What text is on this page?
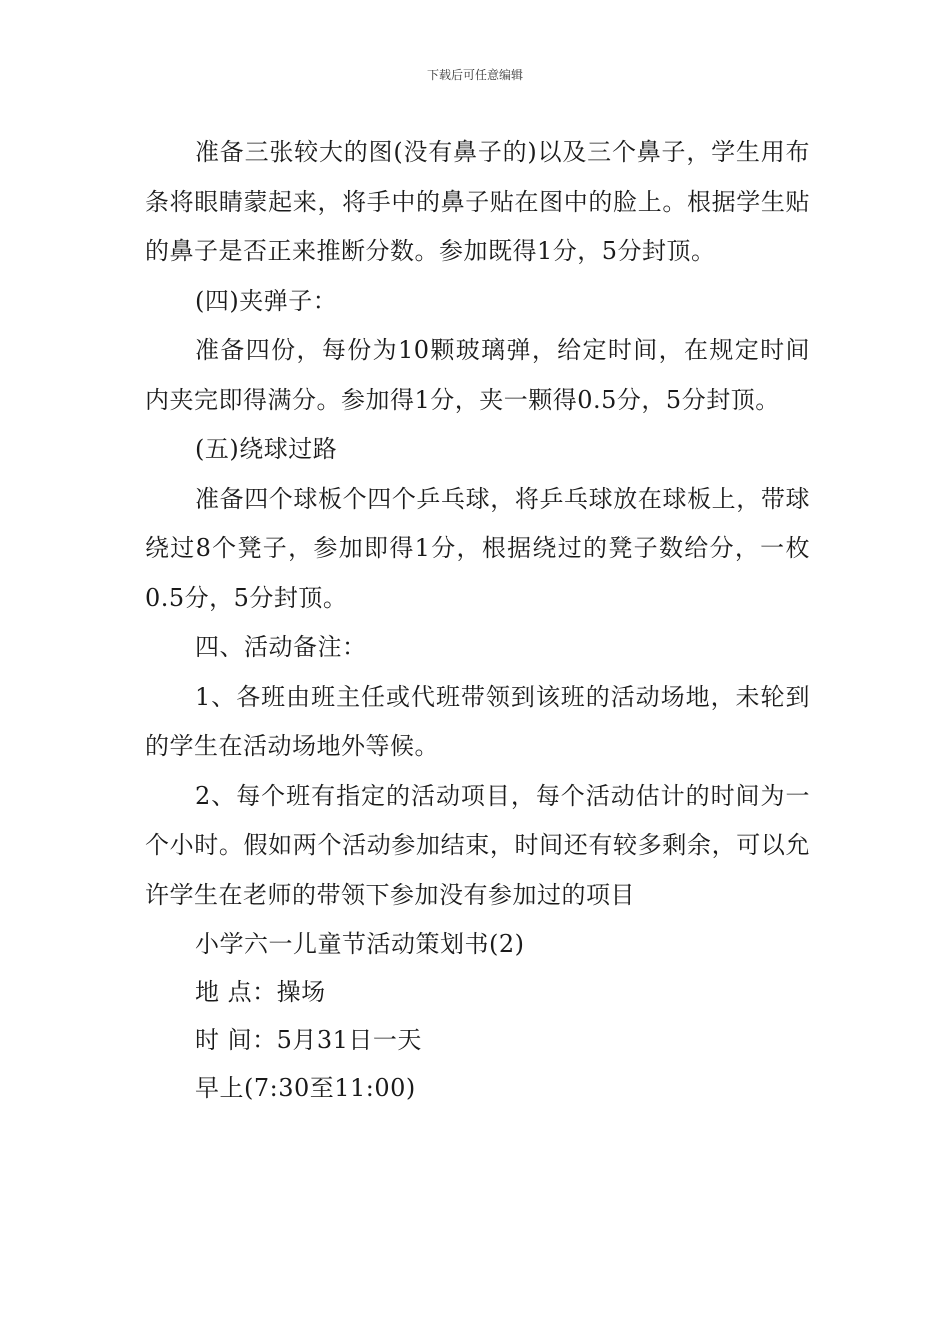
下载后可任意编辑

准备三张较大的图(没有鼻子的)以及三个鼻子，学生用布条将眼睛蒙起来，将手中的鼻子贴在图中的脸上。根据学生贴的鼻子是否正来推断分数。参加既得1分，5分封顶。

(四)夹弹子：

准备四份，每份为10颗玻璃弹，给定时间，在规定时间内夹完即得满分。参加得1分，夹一颗得0.5分，5分封顶。

(五)绕球过路

准备四个球板个四个乒乓球，将乒乓球放在球板上，带球绕过8个凳子，参加即得1分，根据绕过的凳子数给分，一枚0.5分，5分封顶。

四、活动备注：

1、各班由班主任或代班带领到该班的活动场地，未轮到的学生在活动场地外等候。

2、每个班有指定的活动项目，每个活动估计的时间为一个小时。假如两个活动参加结束，时间还有较多剩余，可以允许学生在老师的带领下参加没有参加过的项目

小学六一儿童节活动策划书(2)

地 点：操场

时 间：5月31日一天

早上(7:30至11:00)
